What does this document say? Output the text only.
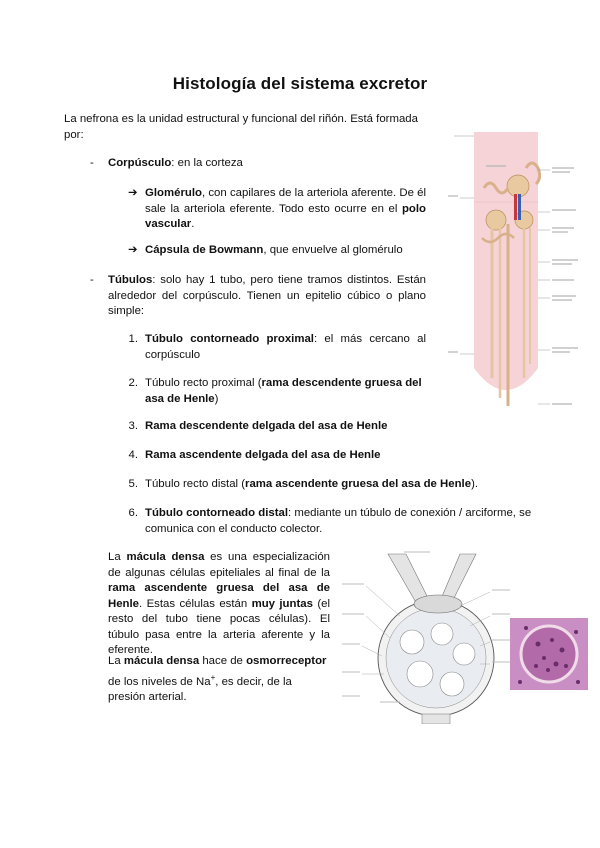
Histología del sistema excretor
La nefrona es la unidad estructural y funcional del riñón. Está formada por:
- Corpúsculo: en la corteza
➔ Glomérulo, con capilares de la arteriola aferente. De él sale la arteriola eferente. Todo esto ocurre en el polo vascular.
➔ Cápsula de Bowmann, que envuelve al glomérulo
- Túbulos: solo hay 1 tubo, pero tiene tramos distintos. Están alrededor del corpúsculo. Tienen un epitelio cúbico o plano simple:
1. Túbulo contorneado proximal: el más cercano al corpúsculo
2. Túbulo recto proximal (rama descendente gruesa del asa de Henle)
3. Rama descendente delgada del asa de Henle
4. Rama ascendente delgada del asa de Henle
5. Túbulo recto distal (rama ascendente gruesa del asa de Henle).
6. Túbulo contorneado distal: mediante un túbulo de conexión / arciforme, se comunica con el conducto colector.
La mácula densa es una especialización de algunas células epiteliales al final de la rama ascendente gruesa del asa de Henle. Estas células están muy juntas (el resto del tubo tiene pocas células). El túbulo pasa entre la arteria aferente y la eferente.
La mácula densa hace de osmorreceptor de los niveles de Na+, es decir, de la presión arterial.
